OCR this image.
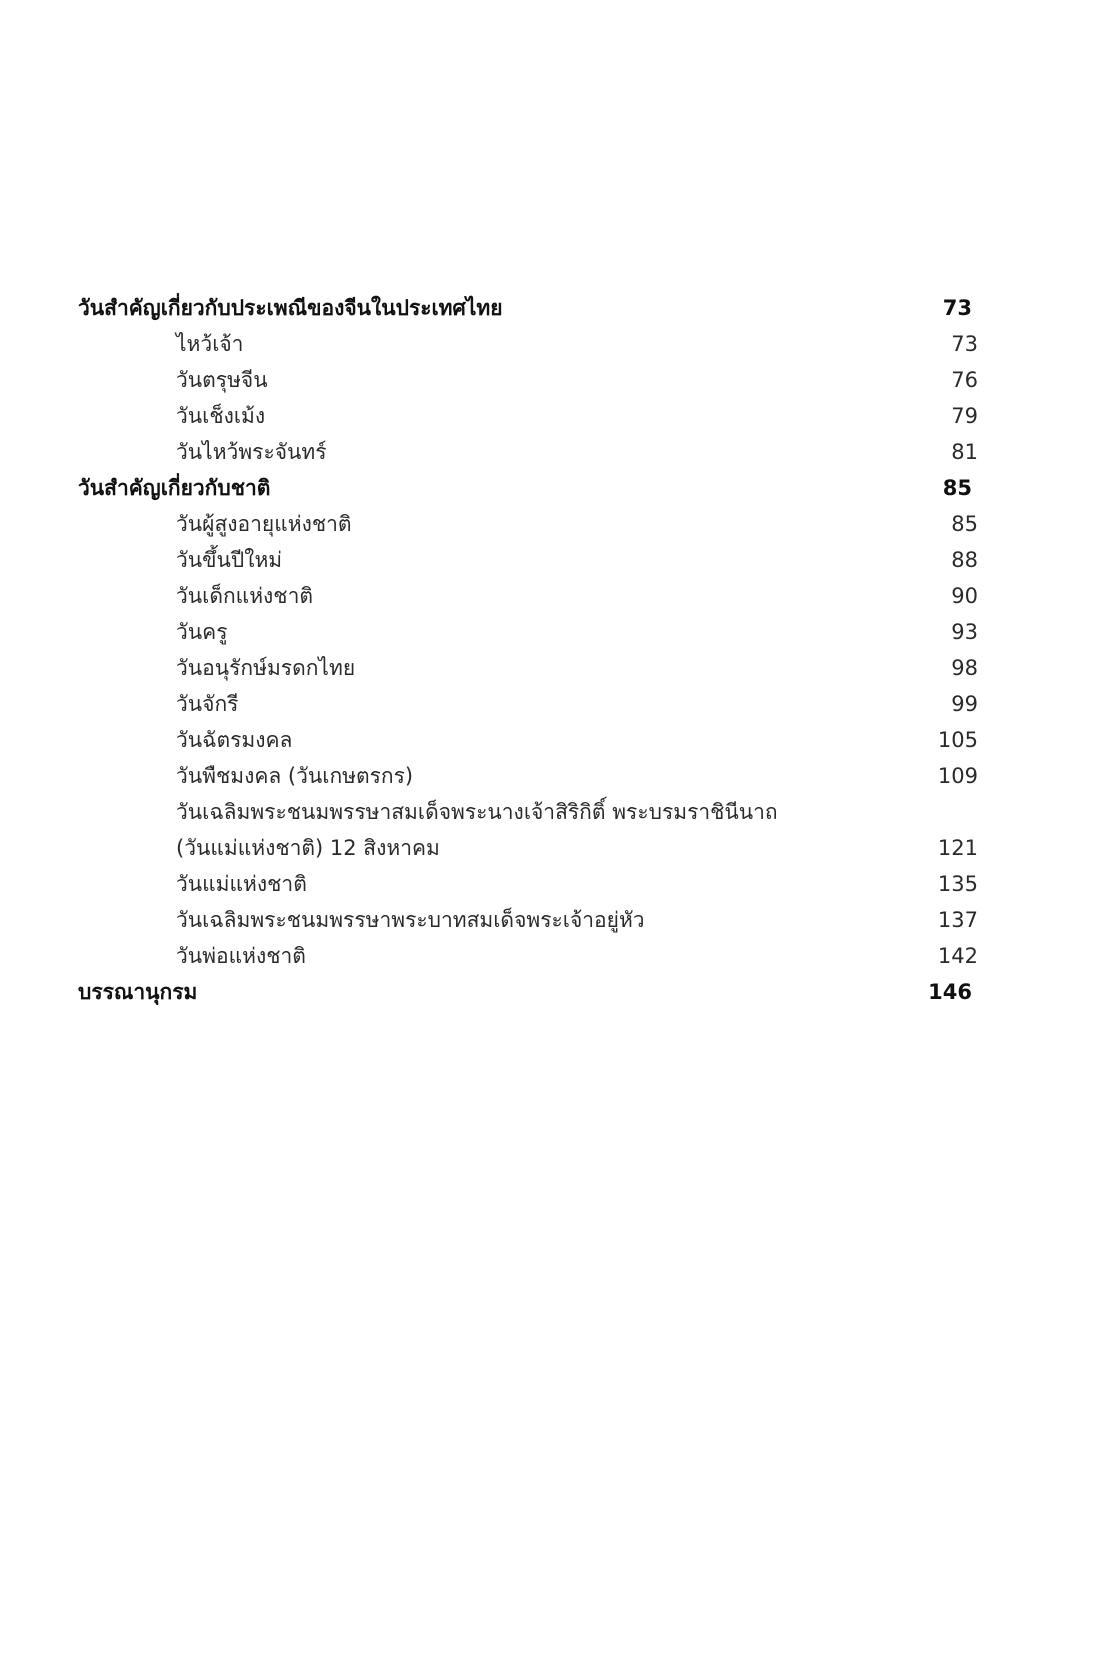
วันสำคัญเกี่ยวกับประเพณีของจีนในประเทศไทย	73
ไหว้เจ้า	73
วันตรุษจีน	76
วันเช็งเม้ง	79
วันไหว้พระจันทร์	81
วันสำคัญเกี่ยวกับชาติ	85
วันผู้สูงอายุแห่งชาติ	85
วันขึ้นปีใหม่	88
วันเด็กแห่งชาติ	90
วันครู	93
วันอนุรักษ์มรดกไทย	98
วันจักรี	99
วันฉัตรมงคล	105
วันพืชมงคล (วันเกษตรกร)	109
วันเฉลิมพระชนมพรรษาสมเด็จพระนางเจ้าสิริกิติ์ พระบรมราชินีนาถ
(วันแม่แห่งชาติ) 12 สิงหาคม	121
วันแม่แห่งชาติ	135
วันเฉลิมพระชนมพรรษาพระบาทสมเด็จพระเจ้าอยู่หัว	137
วันพ่อแห่งชาติ	142
บรรณานุกรม	146
